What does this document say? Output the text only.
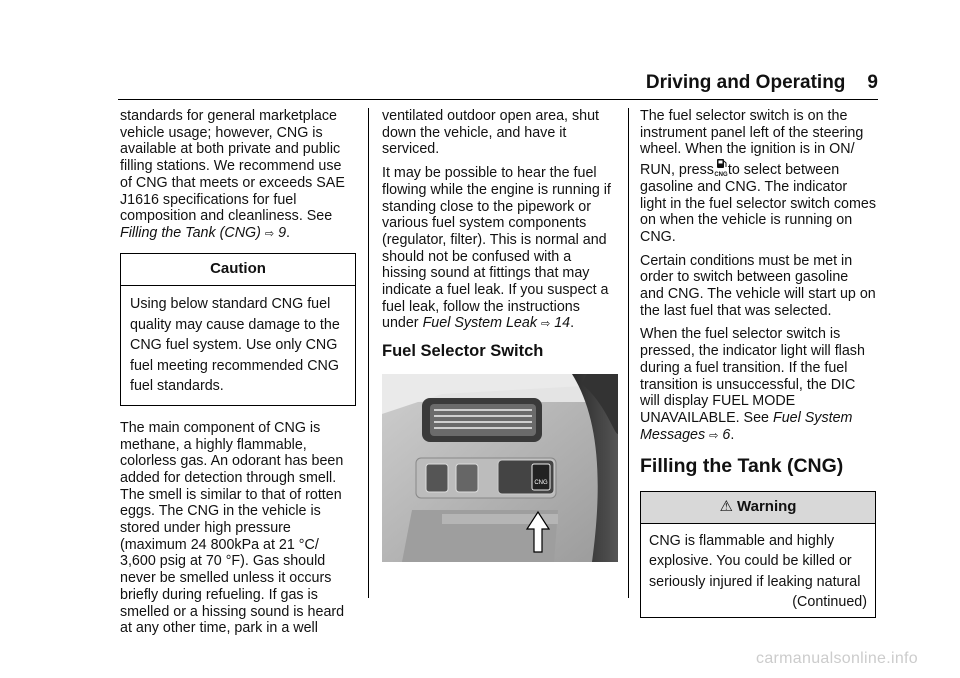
Driving and Operating 9

standards for general marketplace vehicle usage; however, CNG is available at both private and public filling stations. We recommend use of CNG that meets or exceeds SAE J1616 specifications for fuel composition and cleanliness. See
Filling the Tank (CNG) ⇨ 9.

Caution
Using below standard CNG fuel quality may cause damage to the CNG fuel system. Use only CNG fuel meeting recommended CNG fuel standards.

The main component of CNG is methane, a highly flammable, colorless gas. An odorant has been added for detection through smell. The smell is similar to that of rotten eggs. The CNG in the vehicle is stored under high pressure (maximum 24 800kPa at 21 °C/ 3,600 psig at 70 °F). Gas should never be smelled unless it occurs briefly during refueling. If gas is smelled or a hissing sound is heard at any other time, park in a well

ventilated outdoor open area, shut down the vehicle, and have it serviced.

It may be possible to hear the fuel flowing while the engine is running if standing close to the pipework or various fuel system components (regulator, filter). This is normal and should not be confused with a hissing sound at fittings that may indicate a fuel leak. If you suspect a fuel leak, follow the instructions under Fuel System Leak ⇨ 14.

Fuel Selector Switch
CNG

The fuel selector switch is on the instrument panel left of the steering wheel. When the ignition is in ON/ RUN, press CNG to select between gasoline and CNG. The indicator light in the fuel selector switch comes on when the vehicle is running on CNG.

Certain conditions must be met in order to switch between gasoline and CNG. The vehicle will start up on the last fuel that was selected.

When the fuel selector switch is pressed, the indicator light will flash during a fuel transition. If the fuel transition is unsuccessful, the DIC will display FUEL MODE UNAVAILABLE. See Fuel System Messages ⇨ 6.

Filling the Tank (CNG)
⚠ Warning
CNG is flammable and highly explosive. You could be killed or seriously injured if leaking natural
(Continued)
carmanualsonline.info
